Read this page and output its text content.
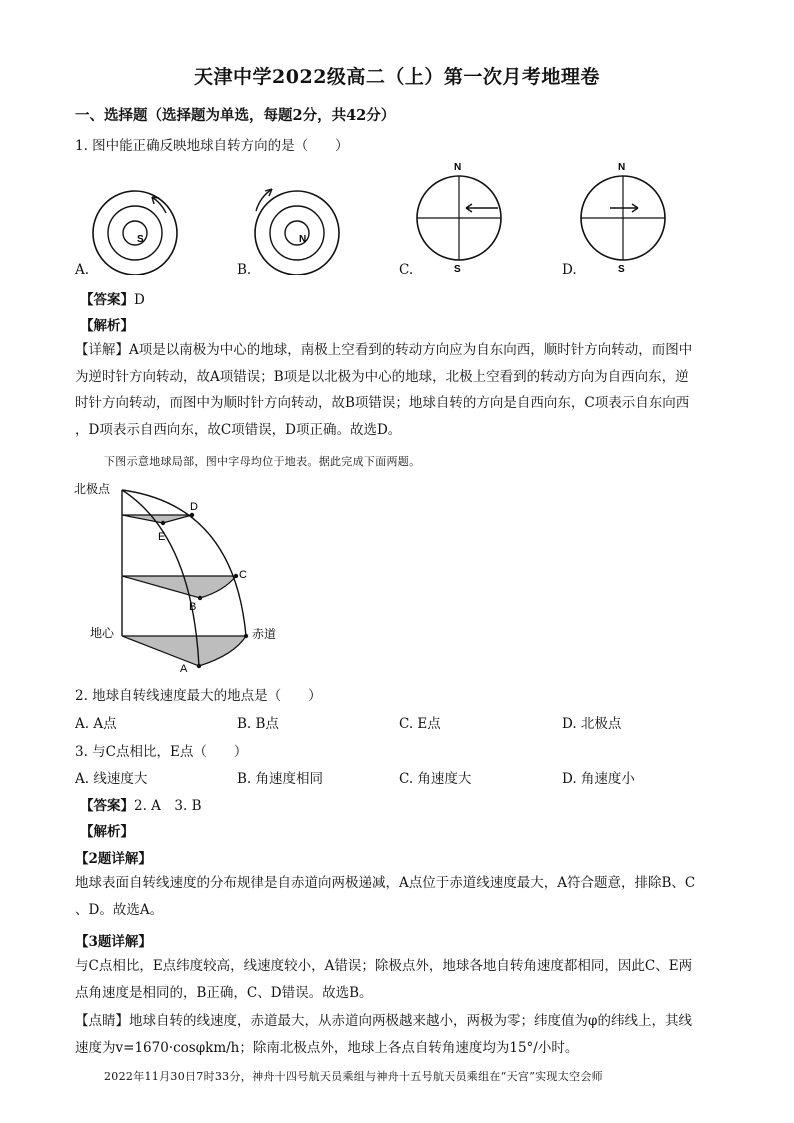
天津中学2022级高二（上）第一次月考地理卷
一、选择题（选择题为单选，每题2分，共42分）
1. 图中能正确反映地球自转方向的是（　　）
S
A.
N
B.
N
S
C.
N
S
D.
【答案】D
【解析】
【详解】A项是以南极为中心的地球，南极上空看到的转动方向应为自东向西，顺时针方向转动，而图中
为逆时针方向转动，故A项错误；B项是以北极为中心的地球，北极上空看到的转动方向为自西向东，逆
时针方向转动，而图中为顺时针方向转动，故B项错误；地球自转的方向是自西向东，C项表示自东向西
，D项表示自西向东，故C项错误，D项正确。故选D。
下图示意地球局部，图中字母均位于地表。据此完成下面两题。
北极点
地心	赤道
D
E
C
B
A
2. 地球自转线速度最大的地点是（　　）
A. A点	B. B点	C. E点	D. 北极点
3. 与C点相比，E点（　　）
A. 线速度大	B. 角速度相同	C. 角速度大	D. 角速度小
【答案】2. A　3. B
【解析】
【2题详解】
地球表面自转线速度的分布规律是自赤道向两极递减，A点位于赤道线速度最大，A符合题意，排除B、C
、D。故选A。
【3题详解】
与C点相比，E点纬度较高，线速度较小，A错误；除极点外，地球各地自转角速度都相同，因此C、E两
点角速度是相同的，B正确，C、D错误。故选B。
【点睛】地球自转的线速度，赤道最大，从赤道向两极越来越小，两极为零；纬度值为φ的纬线上，其线
速度为v=1670·cosφkm/h；除南北极点外，地球上各点自转角速度均为15°/小时。
2022年11月30日7时33分，神舟十四号航天员乘组与神舟十五号航天员乘组在“天宫”实现太空会师
